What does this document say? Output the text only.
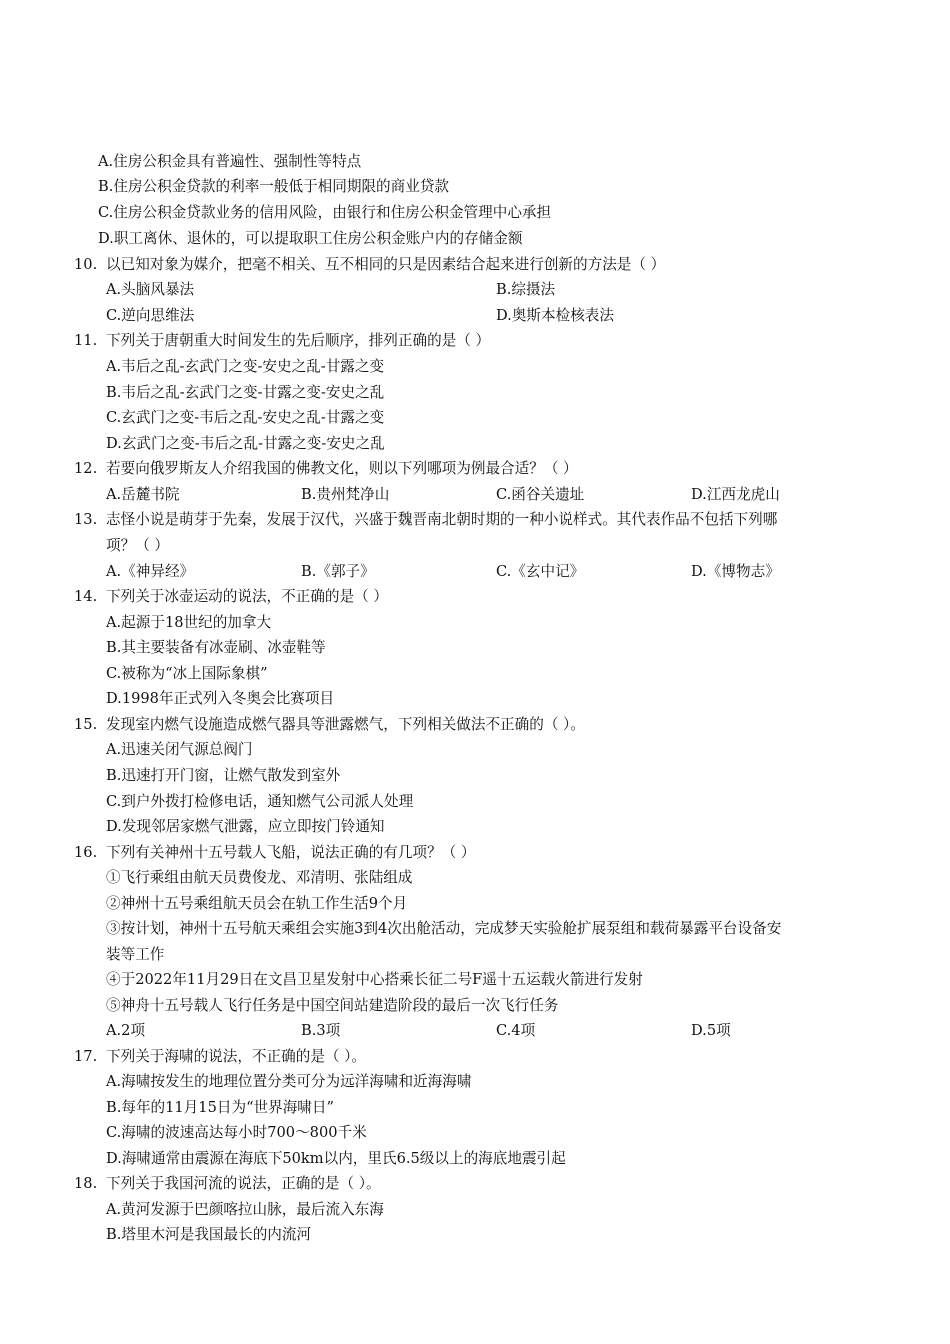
A.住房公积金具有普遍性、强制性等特点
B.住房公积金贷款的利率一般低于相同期限的商业贷款
C.住房公积金贷款业务的信用风险，由银行和住房公积金管理中心承担
D.职工离休、退休的，可以提取职工住房公积金账户内的存储金额
10. 以已知对象为媒介，把毫不相关、互不相同的只是因素结合起来进行创新的方法是（ ）
A.头脑风暴法	B.综摄法
C.逆向思维法	D.奥斯本检核表法
11. 下列关于唐朝重大时间发生的先后顺序，排列正确的是（ ）
A.韦后之乱-玄武门之变-安史之乱-甘露之变
B.韦后之乱-玄武门之变-甘露之变-安史之乱
C.玄武门之变-韦后之乱-安史之乱-甘露之变
D.玄武门之变-韦后之乱-甘露之变-安史之乱
12. 若要向俄罗斯友人介绍我国的佛教文化，则以下列哪项为例最合适？（ ）
A.岳麓书院	B.贵州梵净山	C.函谷关遗址	D.江西龙虎山
13. 志怪小说是萌芽于先秦，发展于汉代，兴盛于魏晋南北朝时期的一种小说样式。其代表作品不包括下列哪
项？（ ）
A.《神异经》	B.《郭子》	C.《玄中记》	D.《博物志》
14. 下列关于冰壶运动的说法，不正确的是（ ）
A.起源于18世纪的加拿大
B.其主要装备有冰壶刷、冰壶鞋等
C.被称为“冰上国际象棋”
D.1998年正式列入冬奥会比赛项目
15. 发现室内燃气设施造成燃气器具等泄露燃气，下列相关做法不正确的（ ）。
A.迅速关闭气源总阀门
B.迅速打开门窗，让燃气散发到室外
C.到户外拨打检修电话，通知燃气公司派人处理
D.发现邻居家燃气泄露，应立即按门铃通知
16. 下列有关神州十五号载人飞船，说法正确的有几项？（ ）
①飞行乘组由航天员费俊龙、邓清明、张陆组成
②神州十五号乘组航天员会在轨工作生活9个月
③按计划，神州十五号航天乘组会实施3到4次出舱活动，完成梦天实验舱扩展泵组和载荷暴露平台设备安
装等工作
④于2022年11月29日在文昌卫星发射中心搭乘长征二号F遥十五运载火箭进行发射
⑤神舟十五号载人飞行任务是中国空间站建造阶段的最后一次飞行任务
A.2项	B.3项	C.4项	D.5项
17. 下列关于海啸的说法，不正确的是（ ）。
A.海啸按发生的地理位置分类可分为远洋海啸和近海海啸
B.每年的11月15日为“世界海啸日”
C.海啸的波速高达每小时700～800千米
D.海啸通常由震源在海底下50km以内，里氏6.5级以上的海底地震引起
18. 下列关于我国河流的说法，正确的是（ ）。
A.黄河发源于巴颜喀拉山脉，最后流入东海
B.塔里木河是我国最长的内流河
